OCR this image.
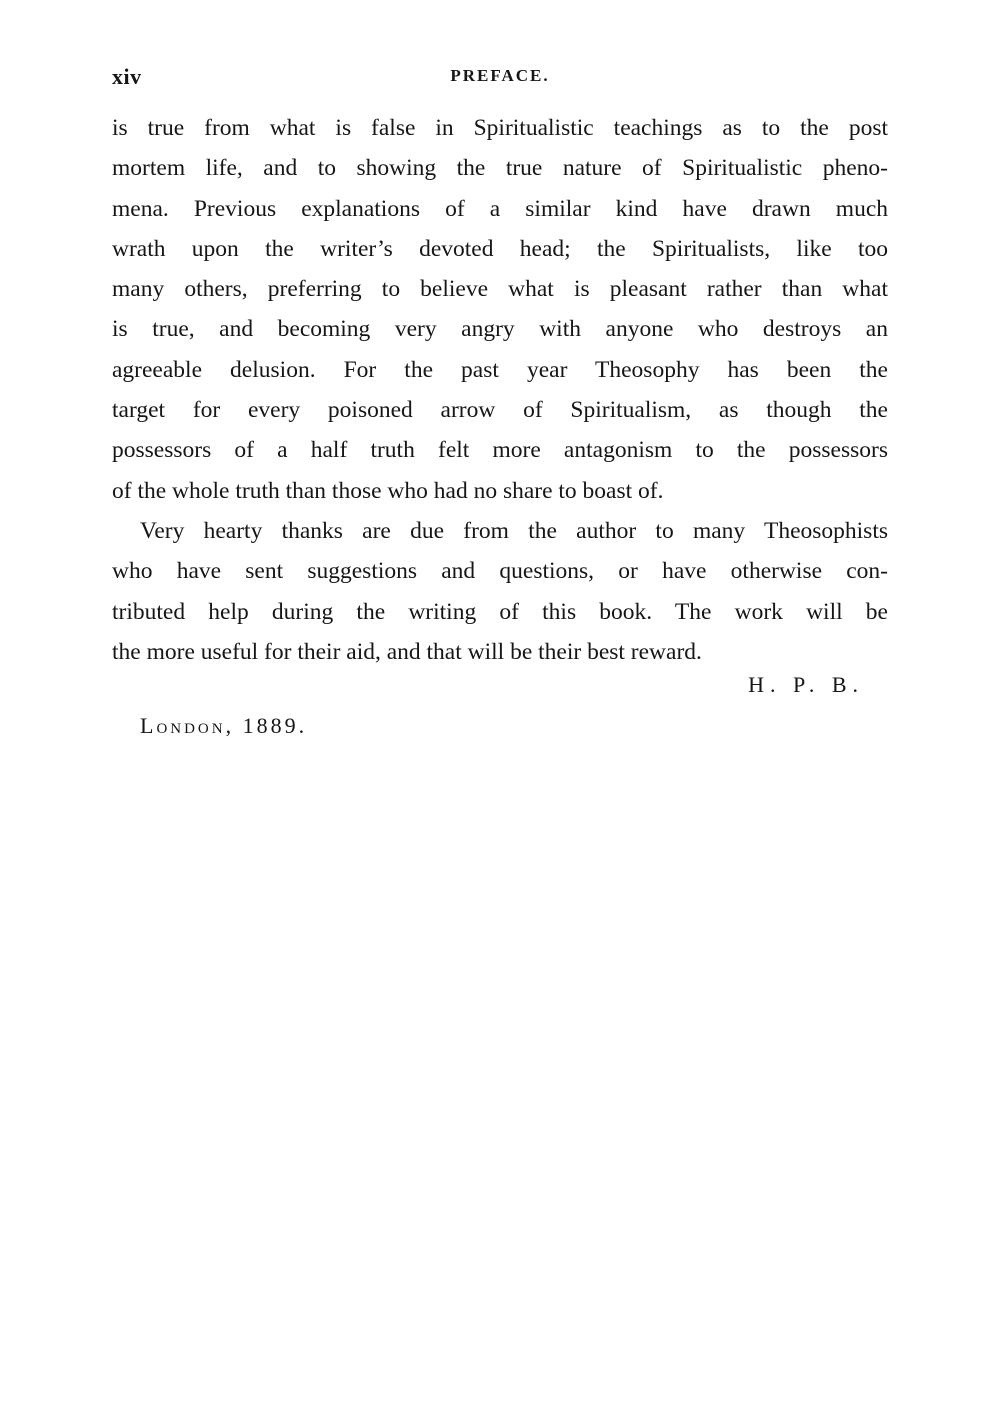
xiv	PREFACE.
is true from what is false in Spiritualistic teachings as to the post
mortem life, and to showing the true nature of Spiritualistic pheno-
mena. Previous explanations of a similar kind have drawn much
wrath upon the writer’s devoted head; the Spiritualists, like too
many others, preferring to believe what is pleasant rather than what
is true, and becoming very angry with anyone who destroys an
agreeable delusion. For the past year Theosophy has been the
target for every poisoned arrow of Spiritualism, as though the
possessors of a half truth felt more antagonism to the possessors
of the whole truth than those who had no share to boast of.
Very hearty thanks are due from the author to many Theosophists
who have sent suggestions and questions, or have otherwise con-
tributed help during the writing of this book. The work will be
the more useful for their aid, and that will be their best reward.
H. P. B.
London, 1889.
